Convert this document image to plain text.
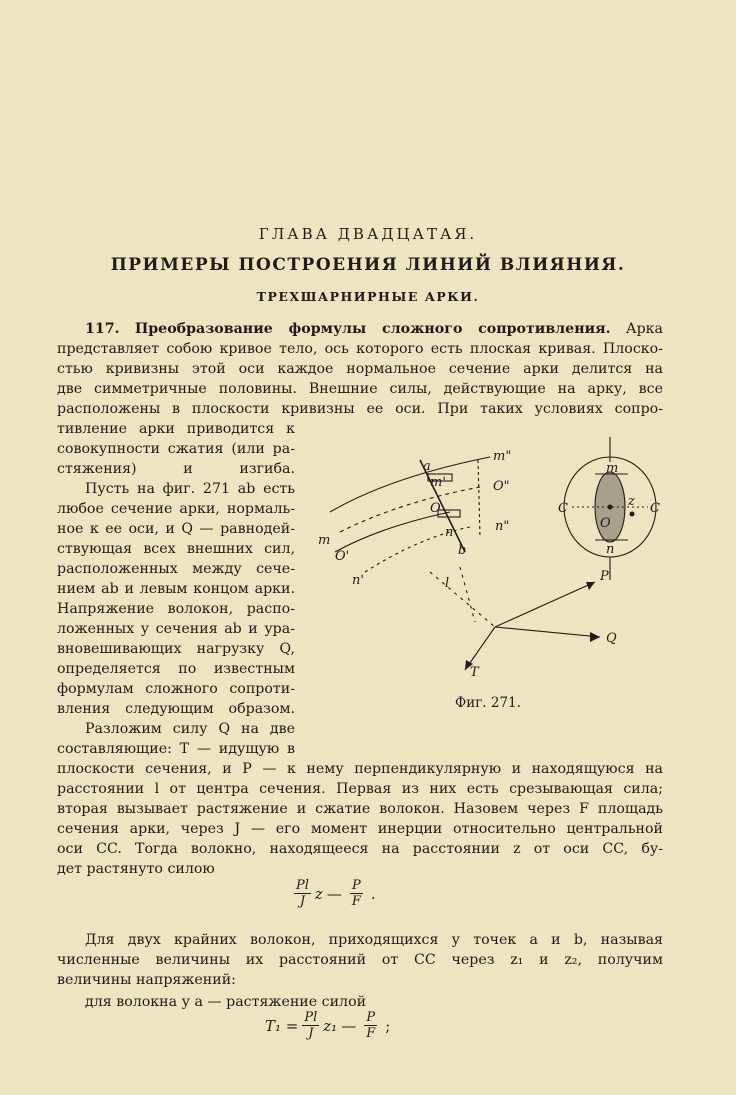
ГЛАВА ДВАДЦАТАЯ.
ПРИМЕРЫ ПОСТРОЕНИЯ ЛИНИЙ ВЛИЯНИЯ.
ТРЕХШАРНИРНЫЕ АРКИ.
117. Преобразование формулы сложного сопротивления. Арка
представляет собою кривое тело, ось которого есть плоская кривая. Плоско-
стью кривизны этой оси каждое нормальное сечение арки делится на
две симметричные половины. Внешние силы, действующие на арку, все
расположены в плоскости кривизны ее оси. При таких условиях сопро-
тивление арки приводится к
совокупности сжатия (или ра-
стяжения) и изгиба.
Пусть на фиг. 271 ab есть
любое сечение арки, нормаль-
ное к ее оси, и Q — равнодей-
ствующая всех внешних сил,
расположенных между сече-
нием ab и левым концом арки.
Напряжение волокон, распо-
ложенных у сечения ab и ура-
вновешивающих нагрузку Q,
определяется по известным
формулам сложного сопроти-
вления следующим образом.
Разложим силу Q на две
составляющие: T — идущую в
m"
O"
n"
a
m'
O
n
m
O'
n'
b
l	P
Q
T
C	C
m
n
z
O
Фиг. 271.
плоскости сечения, и P — к нему перпендикулярную и находящуюся на
расстоянии l от центра сечения. Первая из них есть срезывающая сила;
вторая вызывает растяжение и сжатие волокон. Назовем через F площадь
сечения арки, через J — его момент инерции относительно центральной
оси CC. Тогда волокно, находящееся на расстоянии z от оси CC, бу-
дет растянуто силою
$\frac{Pl}{J}$ z — $\frac{P}{F}$ .
Для двух крайних волокон, приходящихся у точек a и b, называя
численные величины их расстояний от CC через z₁ и z₂, получим
величины напряжений:
для волокна у a — растяжение силой
$T_1 = \frac{Pl}{J} z_1$ — $\frac{P}{F}$ ;
